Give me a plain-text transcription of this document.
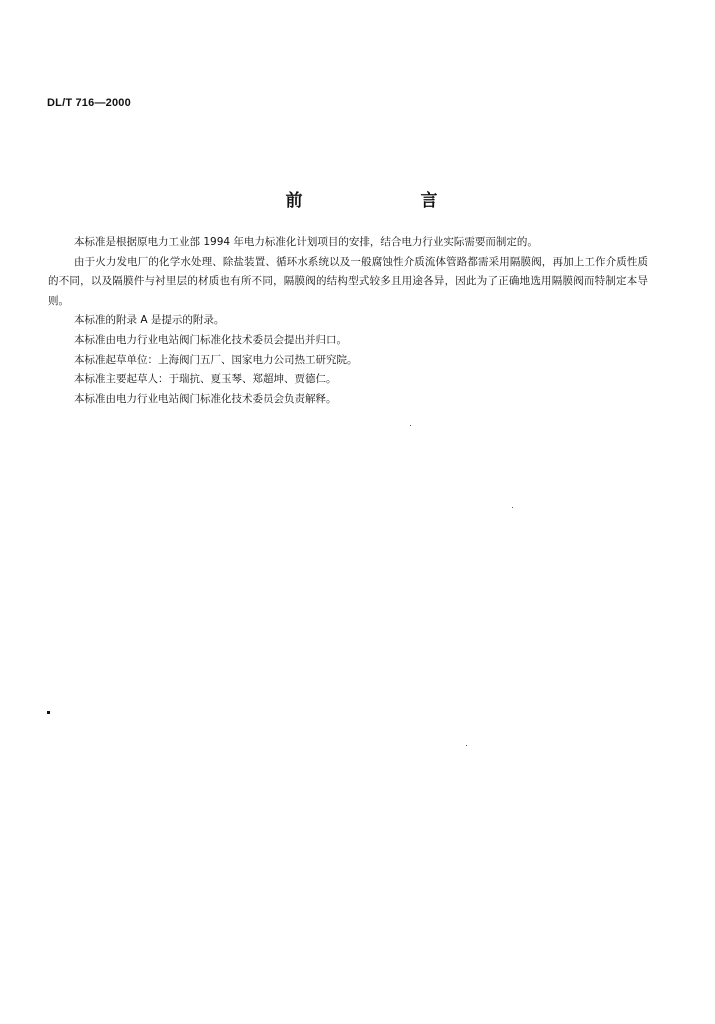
DL/T 716—2000
前 言

本标准是根据原电力工业部 1994 年电力标准化计划项目的安排，结合电力行业实际需要而制定的。

由于火力发电厂的化学水处理、除盐装置、循环水系统以及一般腐蚀性介质流体管路都需采用隔膜阀，再加上工作介质性质的不同，以及隔膜件与衬里层的材质也有所不同，隔膜阀的结构型式较多且用途各异，因此为了正确地选用隔膜阀而特制定本导则。

本标准的附录 A 是提示的附录。

本标准由电力行业电站阀门标准化技术委员会提出并归口。

本标准起草单位：上海阀门五厂、国家电力公司热工研究院。

本标准主要起草人：于瑞抗、夏玉琴、郑超坤、贾德仁。

本标准由电力行业电站阀门标准化技术委员会负责解释。
